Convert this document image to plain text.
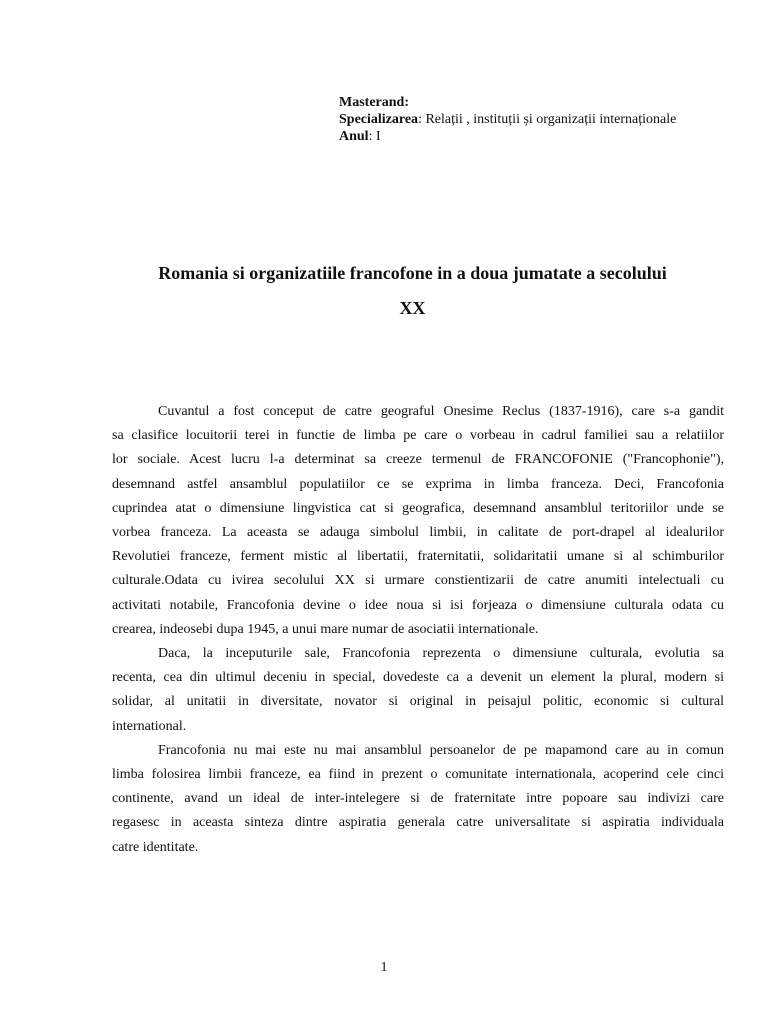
Masterand:
Specializarea: Relații , instituții și organizații internaționale
Anul: I
Romania si organizatiile francofone in a doua jumatate a secolului
XX

Cuvantul a fost conceput de catre geograful Onesime Reclus (1837-1916), care s-a gandit
sa clasifice locuitorii terei in functie de limba pe care o vorbeau in cadrul familiei sau a relatiilor
lor sociale. Acest lucru l-a determinat sa creeze termenul de FRANCOFONIE ("Francophonie"),
desemnand astfel ansamblul populatiilor ce se exprima in limba franceza. Deci, Francofonia
cuprindea atat o dimensiune lingvistica cat si geografica, desemnand ansamblul teritoriilor unde se
vorbea franceza. La aceasta se adauga simbolul limbii, in calitate de port-drapel al idealurilor
Revolutiei franceze, ferment mistic al libertatii, fraternitatii, solidaritatii umane si al schimburilor
culturale.Odata cu ivirea secolului XX si urmare constientizarii de catre anumiti intelectuali cu
activitati notabile, Francofonia devine o idee noua si isi forjeaza o dimensiune culturala odata cu
crearea, indeosebi dupa 1945, a unui mare numar de asociatii internationale.

Daca, la inceputurile sale, Francofonia reprezenta o dimensiune culturala, evolutia sa
recenta, cea din ultimul deceniu in special, dovedeste ca a devenit un element la plural, modern si
solidar, al unitatii in diversitate, novator si original in peisajul politic, economic si cultural
international.

Francofonia nu mai este nu mai ansamblul persoanelor de pe mapamond care au in comun
limba folosirea limbii franceze, ea fiind in prezent o comunitate internationala, acoperind cele cinci
continente, avand un ideal de inter-intelegere si de fraternitate intre popoare sau indivizi care
regasesc in aceasta sinteza dintre aspiratia generala catre universalitate si aspiratia individuala
catre identitate.

1
